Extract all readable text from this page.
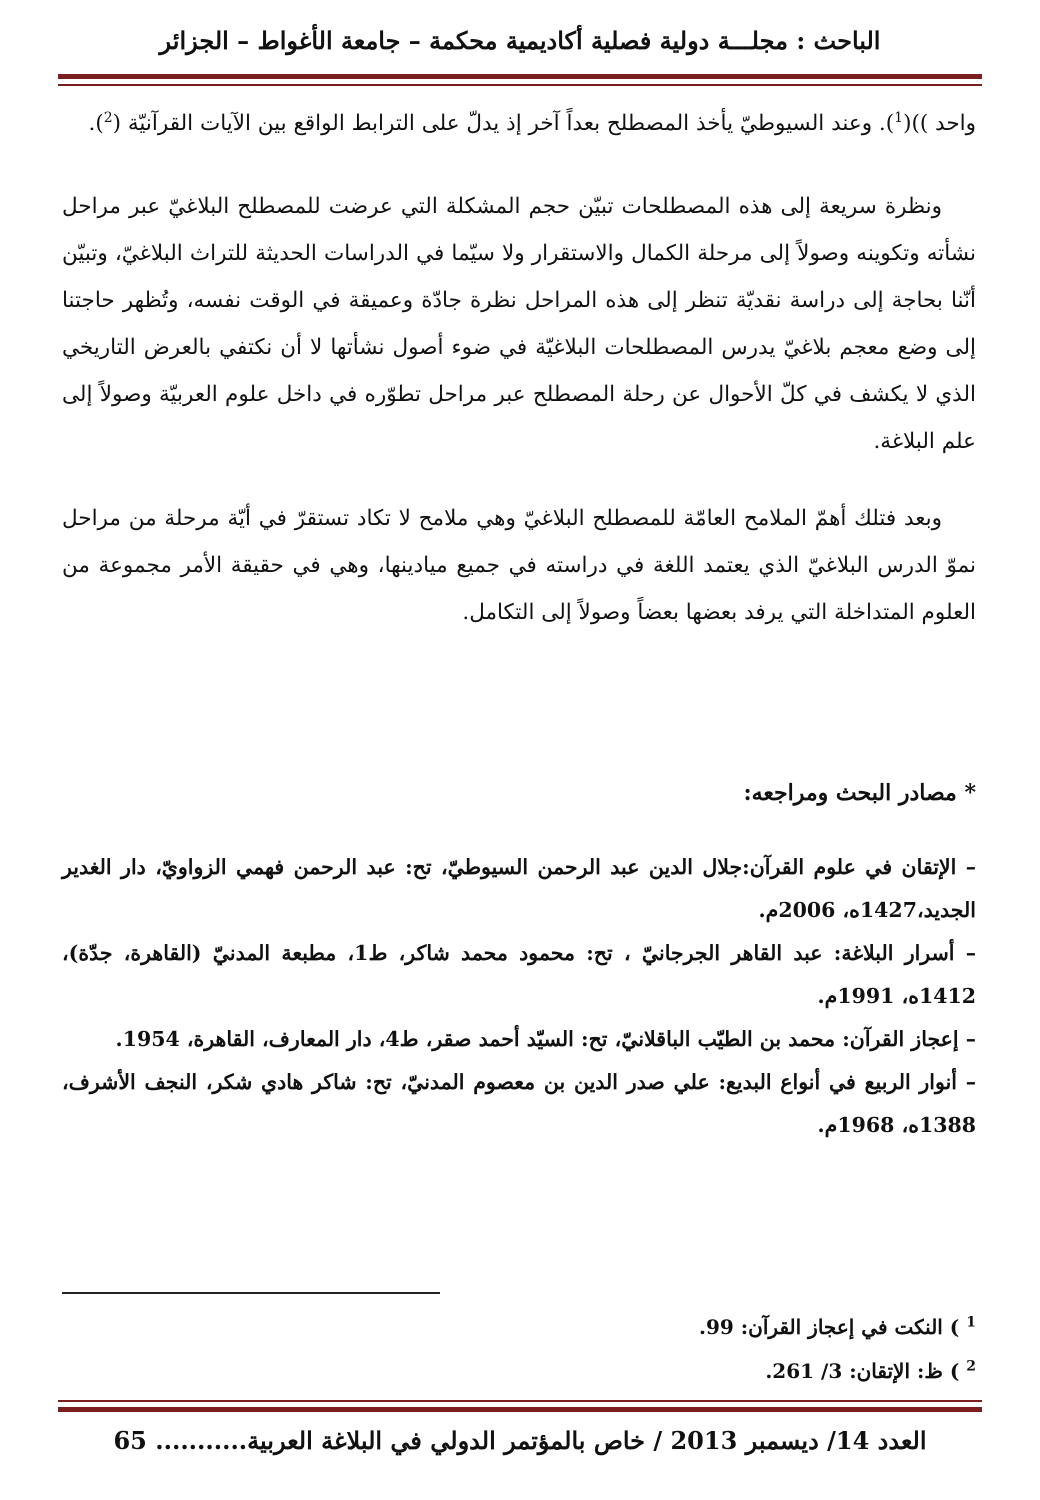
الباحث : مجلـــة دولية فصلية أكاديمية محكمة – جامعة الأغواط – الجزائر

واحد ))($^1$). وعند السيوطيّ يأخذ المصطلح بعداً آخر إذ يدلّ على الترابط الواقع بين الآيات القرآنيّة ($^2$).

ونظرة سريعة إلى هذه المصطلحات تبيّن حجم المشكلة التي عرضت للمصطلح البلاغيّ عبر مراحل نشأته وتكوينه وصولاً إلى مرحلة الكمال والاستقرار ولا سيّما في الدراسات الحديثة للتراث البلاغيّ، وتبيّن أنّنا بحاجة إلى دراسة نقديّة تنظر إلى هذه المراحل نظرة جادّة وعميقة في الوقت نفسه، وتُظهر حاجتنا إلى وضع معجم بلاغيّ يدرس المصطلحات البلاغيّة في ضوء أصول نشأتها لا أن نكتفي بالعرض التاريخي الذي لا يكشف في كلّ الأحوال عن رحلة المصطلح عبر مراحل تطوّره في داخل علوم العربيّة وصولاً إلى علم البلاغة.

وبعد فتلك أهمّ الملامح العامّة للمصطلح البلاغيّ وهي ملامح لا تكاد تستقرّ في أيّة مرحلة من مراحل نموّ الدرس البلاغيّ الذي يعتمد اللغة في دراسته في جميع ميادينها، وهي في حقيقة الأمر مجموعة من العلوم المتداخلة التي يرفد بعضها بعضاً وصولاً إلى التكامل.

* مصادر البحث ومراجعه:

– الإتقان في علوم القرآن:جلال الدين عبد الرحمن السيوطيّ، تح: عبد الرحمن فهمي الزواويّ، دار الغدير الجديد،1427ه، 2006م.

– أسرار البلاغة: عبد القاهر الجرجانيّ ، تح: محمود محمد شاكر، ط1، مطبعة المدنيّ (القاهرة، جدّة)، 1412ه، 1991م.

– إعجاز القرآن: محمد بن الطيّب الباقلانيّ، تح: السيّد أحمد صقر، ط4، دار المعارف، القاهرة، 1954.

– أنوار الربيع في أنواع البديع: علي صدر الدين بن معصوم المدنيّ، تح: شاكر هادي شكر، النجف الأشرف، 1388ه، 1968م.

$^1$ ) النكت في إعجاز القرآن: 99.

$^2$ ) ظ: الإتقان: 3/ 261.

العدد 14/ ديسمبر 2013 / خاص بالمؤتمر الدولي في البلاغة العربية........... 65
